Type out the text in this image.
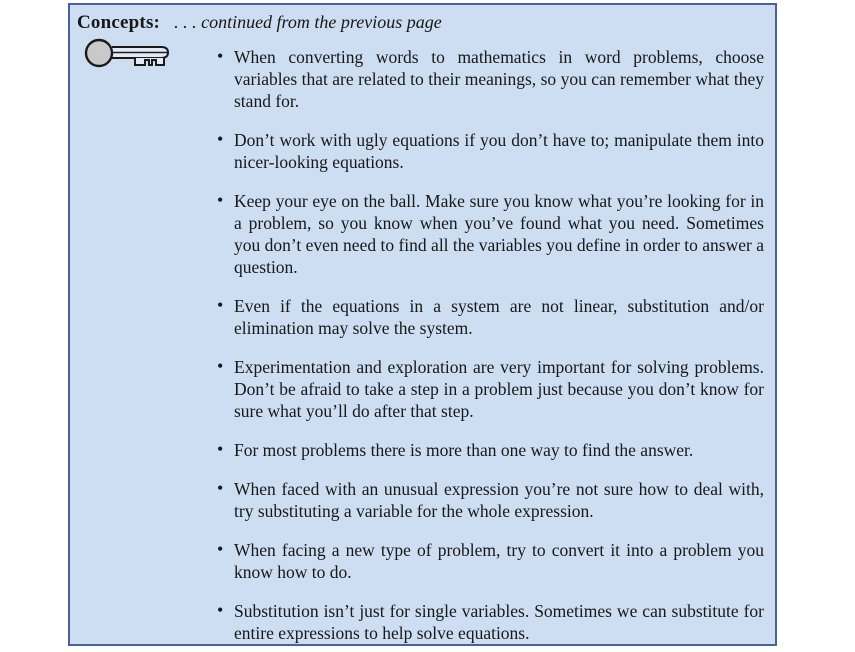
Concepts: . . . continued from the previous page
• When converting words to mathematics in word problems, choose variables that are related to their meanings, so you can remember what they stand for.
• Don’t work with ugly equations if you don’t have to; manipulate them into nicer-looking equations.
• Keep your eye on the ball. Make sure you know what you’re looking for in a problem, so you know when you’ve found what you need. Sometimes you don’t even need to find all the variables you define in order to answer a question.
• Even if the equations in a system are not linear, substitution and/or elimination may solve the system.
• Experimentation and exploration are very important for solving problems. Don’t be afraid to take a step in a problem just because you don’t know for sure what you’ll do after that step.
• For most problems there is more than one way to find the answer.
• When faced with an unusual expression you’re not sure how to deal with, try substituting a variable for the whole expression.
• When facing a new type of problem, try to convert it into a problem you know how to do.
• Substitution isn’t just for single variables. Sometimes we can substitute for entire expressions to help solve equations.
